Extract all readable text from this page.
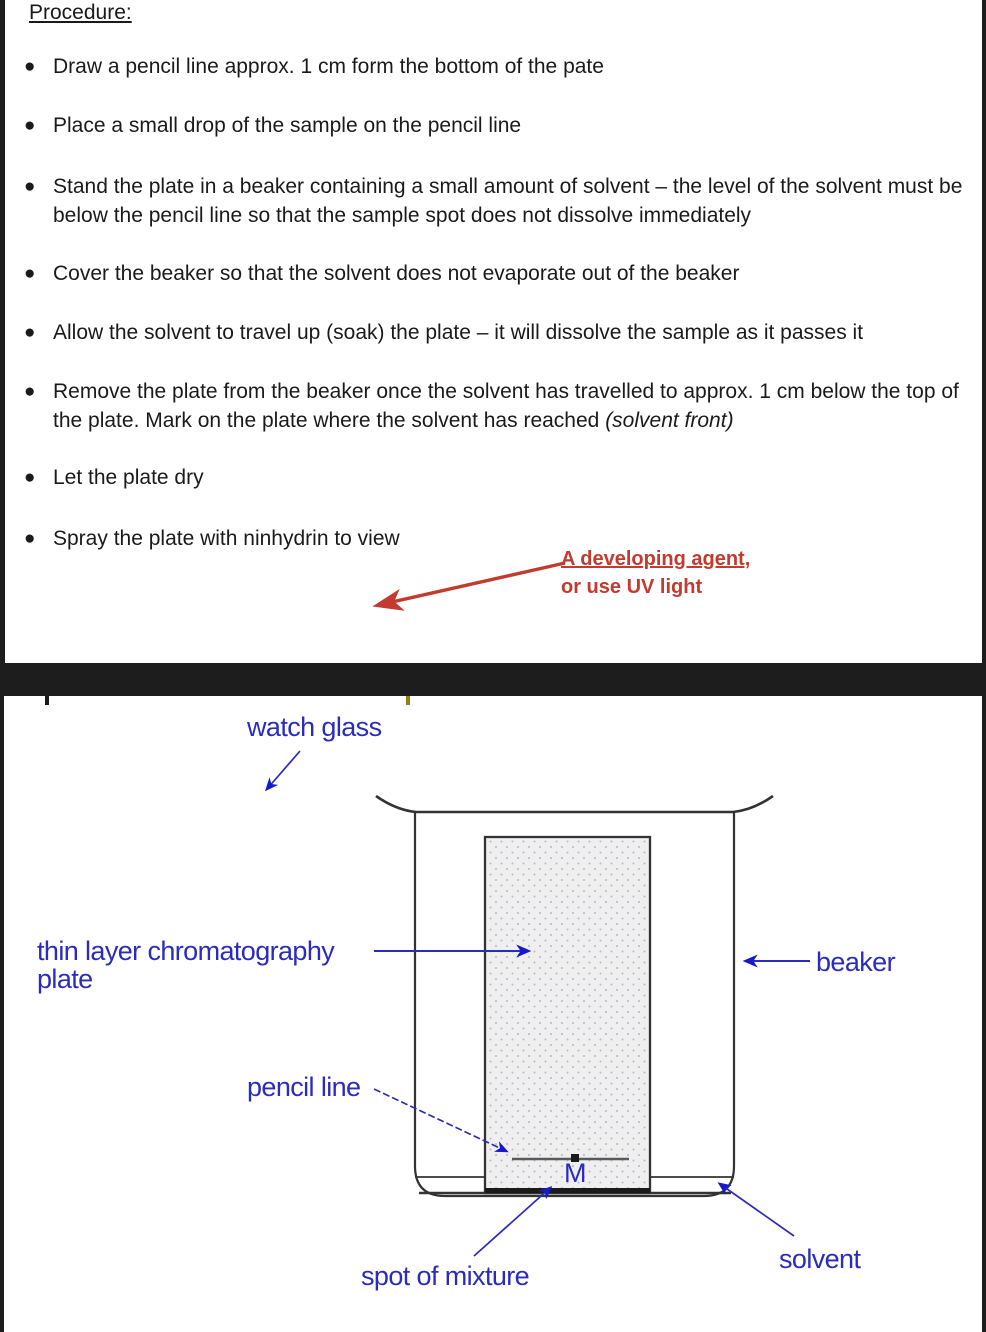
Procedure:
● Draw a pencil line approx. 1 cm form the bottom of the pate
● Place a small drop of the sample on the pencil line
● Stand the plate in a beaker containing a small amount of solvent – the level of the solvent must be below the pencil line so that the sample spot does not dissolve immediately
● Cover the beaker so that the solvent does not evaporate out of the beaker
● Allow the solvent to travel up (soak) the plate – it will dissolve the sample as it passes it
● Remove the plate from the beaker once the solvent has travelled to approx. 1 cm below the top of the plate. Mark on the plate where the solvent has reached (solvent front)
● Let the plate dry
● Spray the plate with ninhydrin to view
A developing agent,
or use UV light
M
watch glass
thin layer chromatography
plate
beaker
pencil line
spot of mixture
solvent
